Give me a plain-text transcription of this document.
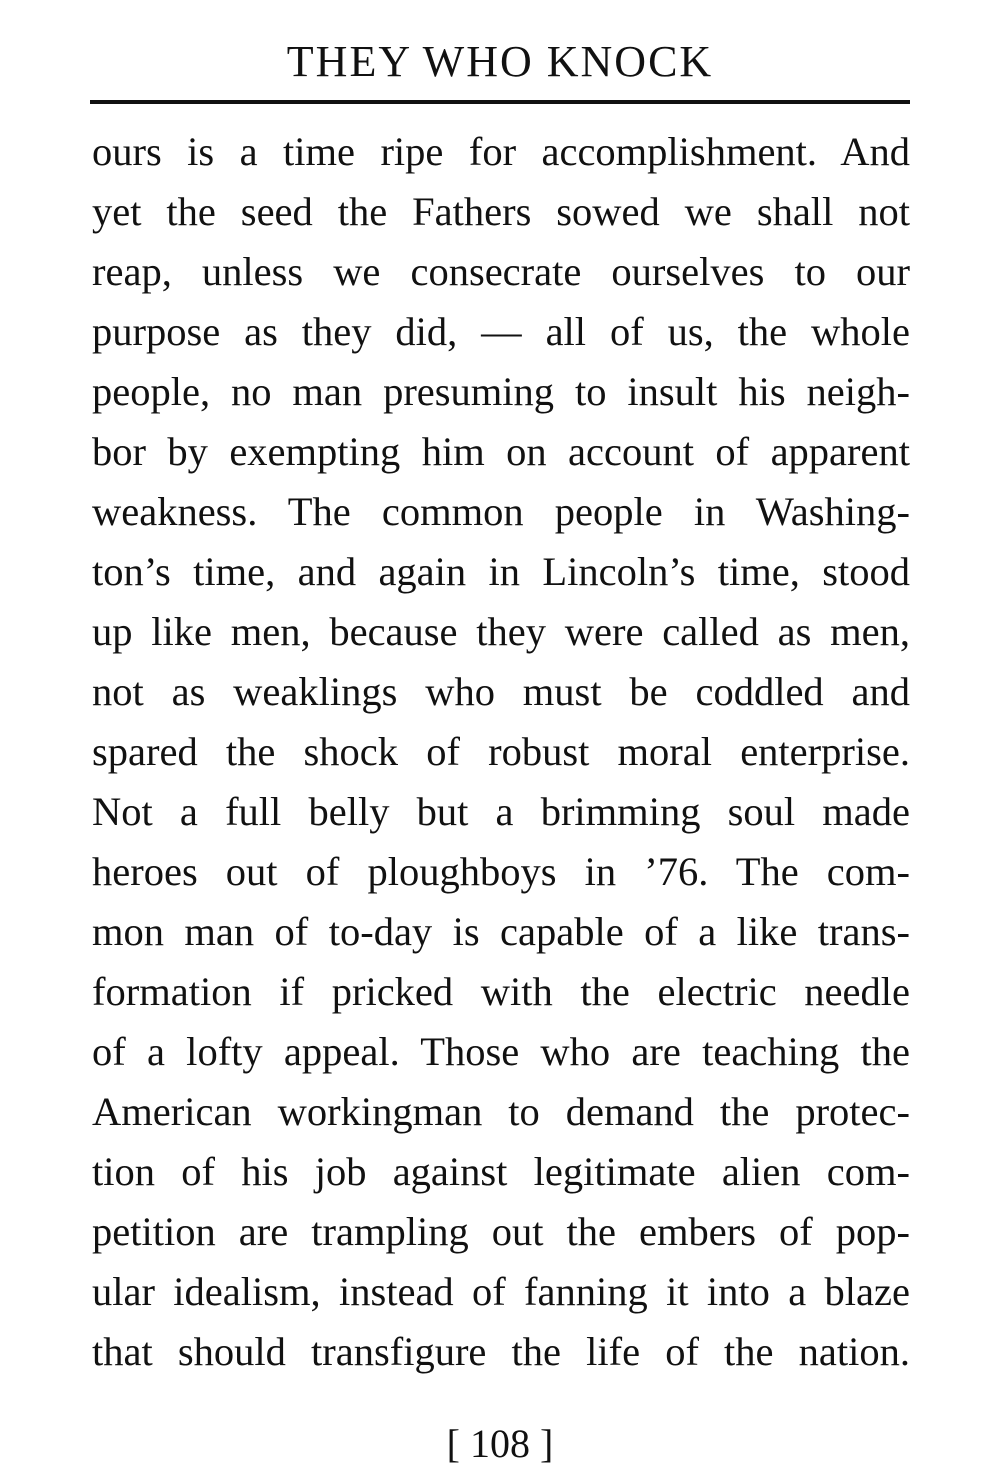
THEY WHO KNOCK
ours is a time ripe for accomplishment. And
yet the seed the Fathers sowed we shall not
reap, unless we consecrate ourselves to our
purpose as they did, — all of us, the whole
people, no man presuming to insult his neigh-
bor by exempting him on account of apparent
weakness. The common people in Washing-
ton’s time, and again in Lincoln’s time, stood
up like men, because they were called as men,
not as weaklings who must be coddled and
spared the shock of robust moral enterprise.
Not a full belly but a brimming soul made
heroes out of ploughboys in ’76. The com-
mon man of to-day is capable of a like trans-
formation if pricked with the electric needle
of a lofty appeal. Those who are teaching the
American workingman to demand the protec-
tion of his job against legitimate alien com-
petition are trampling out the embers of pop-
ular idealism, instead of fanning it into a blaze
that should transfigure the life of the nation.
[ 108 ]
